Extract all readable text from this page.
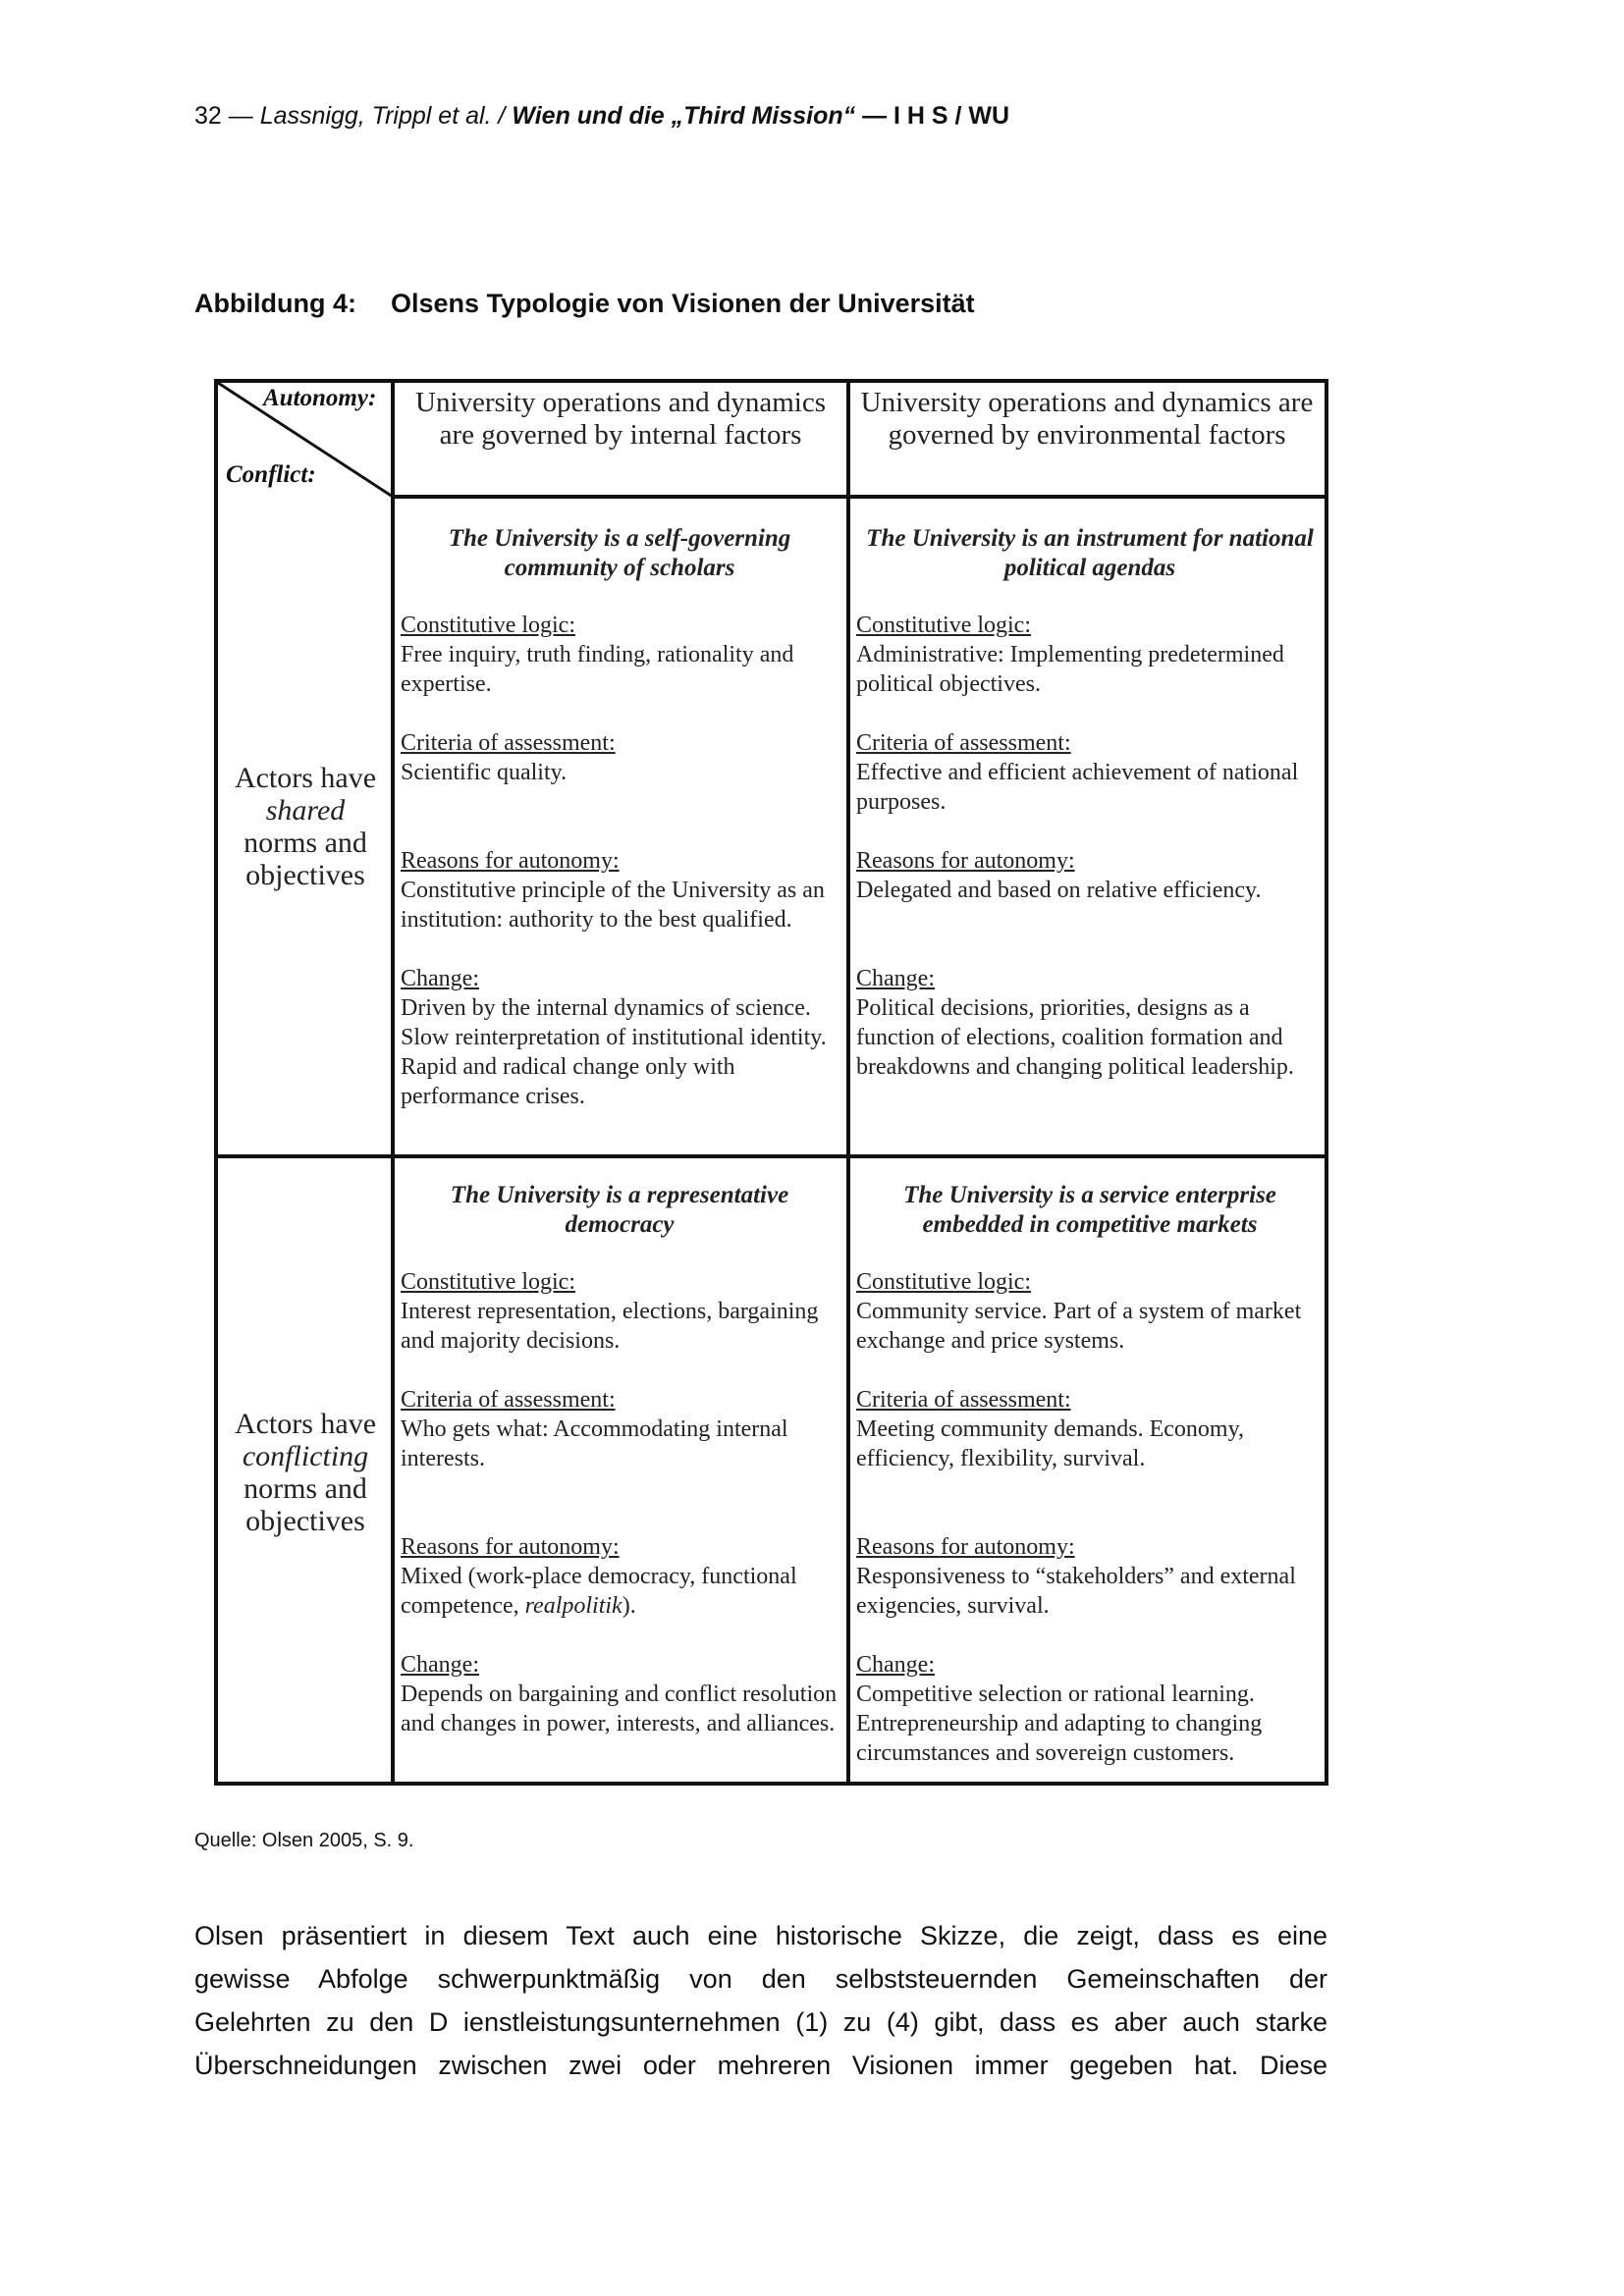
32 — Lassnigg, Trippl et al. / Wien und die „Third Mission“ — I H S / WU
Abbildung 4: Olsens Typologie von Visionen der Universität
Autonomy:
Conflict:
University operations and dynamics are governed by internal factors
University operations and dynamics are governed by environmental factors
Actors have
shared
norms and objectives
Actors have
conflicting
norms and objectives
The University is a self-governing community of scholars
Constitutive logic:
Free inquiry, truth finding, rationality and expertise.
Criteria of assessment:
Scientific quality.
Reasons for autonomy:
Constitutive principle of the University as an institution: authority to the best qualified.
Change:
Driven by the internal dynamics of science. Slow reinterpretation of institutional identity. Rapid and radical change only with performance crises.
The University is an instrument for national political agendas
Constitutive logic:
Administrative: Implementing predetermined political objectives.
Criteria of assessment:
Effective and efficient achievement of national purposes.
Reasons for autonomy:
Delegated and based on relative efficiency.
Change:
Political decisions, priorities, designs as a function of elections, coalition formation and breakdowns and changing political leadership.
The University is a representative democracy
Constitutive logic:
Interest representation, elections, bargaining and majority decisions.
Criteria of assessment:
Who gets what: Accommodating internal interests.
Reasons for autonomy:
Mixed (work-place democracy, functional competence, realpolitik).
Change:
Depends on bargaining and conflict resolution and changes in power, interests, and alliances.
The University is a service enterprise embedded in competitive markets
Constitutive logic:
Community service. Part of a system of market exchange and price systems.
Criteria of assessment:
Meeting community demands. Economy, efficiency, flexibility, survival.
Reasons for autonomy:
Responsiveness to “stakeholders” and external exigencies, survival.
Change:
Competitive selection or rational learning. Entrepreneurship and adapting to changing circumstances and sovereign customers.
Quelle: Olsen 2005, S. 9.
Olsen präsentiert in diesem Text auch eine historische Skizze, die zeigt, dass es eine
gewisse Abfolge schwerpunktmäßig von den selbststeuernden Gemeinschaften der
Gelehrten zu den D ienstleistungsunternehmen (1) zu (4) gibt, dass es aber auch starke
Überschneidungen zwischen zwei oder mehreren Visionen immer gegeben hat. Diese
